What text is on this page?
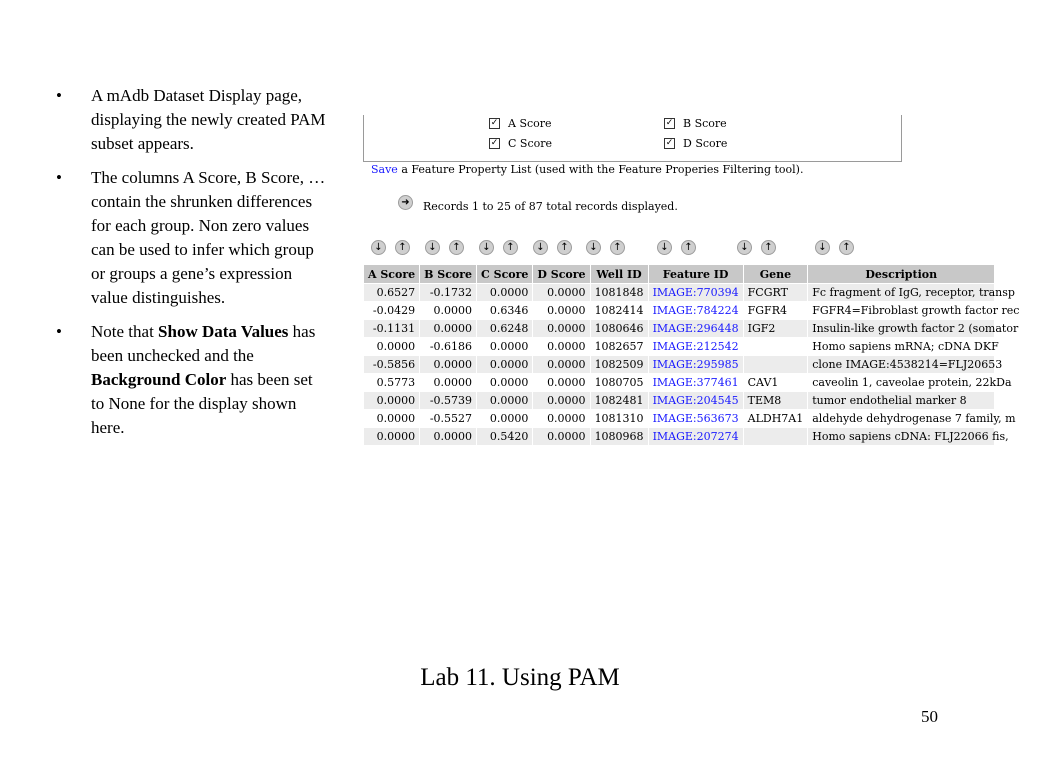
• A mAdb Dataset Display page, displaying the newly created PAM subset appears.
• The columns A Score, B Score, … contain the shrunken differences for each group. Non zero values can be used to infer which group or groups a gene’s expression value distinguishes.
• Note that Show Data Values has been unchecked and the Background Color has been set to None for the display shown here.
✓ A Score	✓ B Score
✓ C Score	✓ D Score
Save a Feature Property List (used with the Feature Properies Filtering tool).
➜	Records 1 to 25 of 87 total records displayed.
↓	↑	↓	↑	↓	↑	↓	↑	↓	↑	↓	↑	↓	↑	↓	↑
A Score	B Score	C Score	D Score	Well ID	Feature ID	Gene	Description
0.6527	-0.1732	0.0000	0.0000	1081848	IMAGE:770394	FCGRT	Fc fragment of IgG, receptor, transp
-0.0429	0.0000	0.6346	0.0000	1082414	IMAGE:784224	FGFR4	FGFR4=Fibroblast growth factor rec
-0.1131	0.0000	0.6248	0.0000	1080646	IMAGE:296448	IGF2	Insulin-like growth factor 2 (somator
0.0000	-0.6186	0.0000	0.0000	1082657	IMAGE:212542		Homo sapiens mRNA; cDNA DKF
-0.5856	0.0000	0.0000	0.0000	1082509	IMAGE:295985		clone IMAGE:4538214=FLJ20653
0.5773	0.0000	0.0000	0.0000	1080705	IMAGE:377461	CAV1	caveolin 1, caveolae protein, 22kDa
0.0000	-0.5739	0.0000	0.0000	1082481	IMAGE:204545	TEM8	tumor endothelial marker 8
0.0000	-0.5527	0.0000	0.0000	1081310	IMAGE:563673	ALDH7A1	aldehyde dehydrogenase 7 family, m
0.0000	0.0000	0.5420	0.0000	1080968	IMAGE:207274		Homo sapiens cDNA: FLJ22066 fis,
Lab 11. Using PAM
50
